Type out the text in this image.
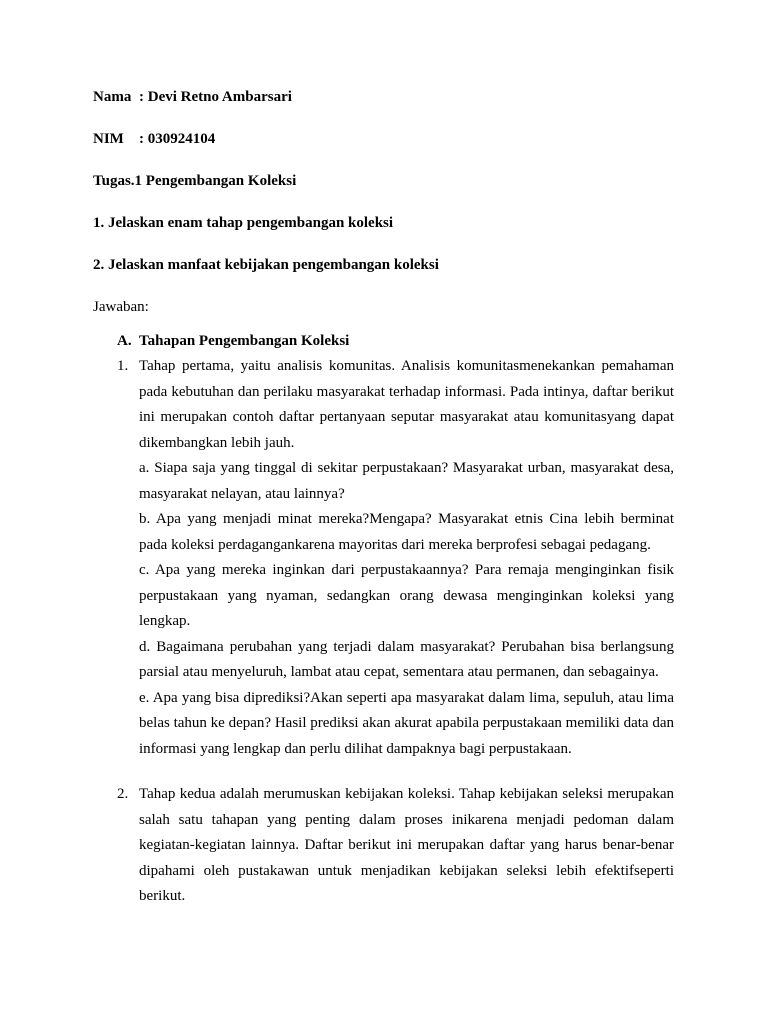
Nama : Devi Retno Ambarsari
NIM : 030924104
Tugas.1 Pengembangan Koleksi
1. Jelaskan enam tahap pengembangan koleksi
2. Jelaskan manfaat kebijakan pengembangan koleksi
Jawaban:
A. Tahapan Pengembangan Koleksi
1. Tahap pertama, yaitu analisis komunitas. Analisis komunitasmenekankan pemahaman pada kebutuhan dan perilaku masyarakat terhadap informasi. Pada intinya, daftar berikut ini merupakan contoh daftar pertanyaan seputar masyarakat atau komunitasyang dapat dikembangkan lebih jauh.

a. Siapa saja yang tinggal di sekitar perpustakaan? Masyarakat urban, masyarakat desa, masyarakat nelayan, atau lainnya?

b. Apa yang menjadi minat mereka?Mengapa? Masyarakat etnis Cina lebih berminat pada koleksi perdagangankarena mayoritas dari mereka berprofesi sebagai pedagang.

c. Apa yang mereka inginkan dari perpustakaannya? Para remaja menginginkan fisik perpustakaan yang nyaman, sedangkan orang dewasa menginginkan koleksi yang lengkap.

d. Bagaimana perubahan yang terjadi dalam masyarakat? Perubahan bisa berlangsung parsial atau menyeluruh, lambat atau cepat, sementara atau permanen, dan sebagainya.

e. Apa yang bisa diprediksi?Akan seperti apa masyarakat dalam lima, sepuluh, atau lima belas tahun ke depan? Hasil prediksi akan akurat apabila perpustakaan memiliki data dan informasi yang lengkap dan perlu dilihat dampaknya bagi perpustakaan.

2. Tahap kedua adalah merumuskan kebijakan koleksi. Tahap kebijakan seleksi merupakan salah satu tahapan yang penting dalam proses inikarena menjadi pedoman dalam kegiatan-kegiatan lainnya. Daftar berikut ini merupakan daftar yang harus benar-benar dipahami oleh pustakawan untuk menjadikan kebijakan seleksi lebih efektifseperti berikut.
